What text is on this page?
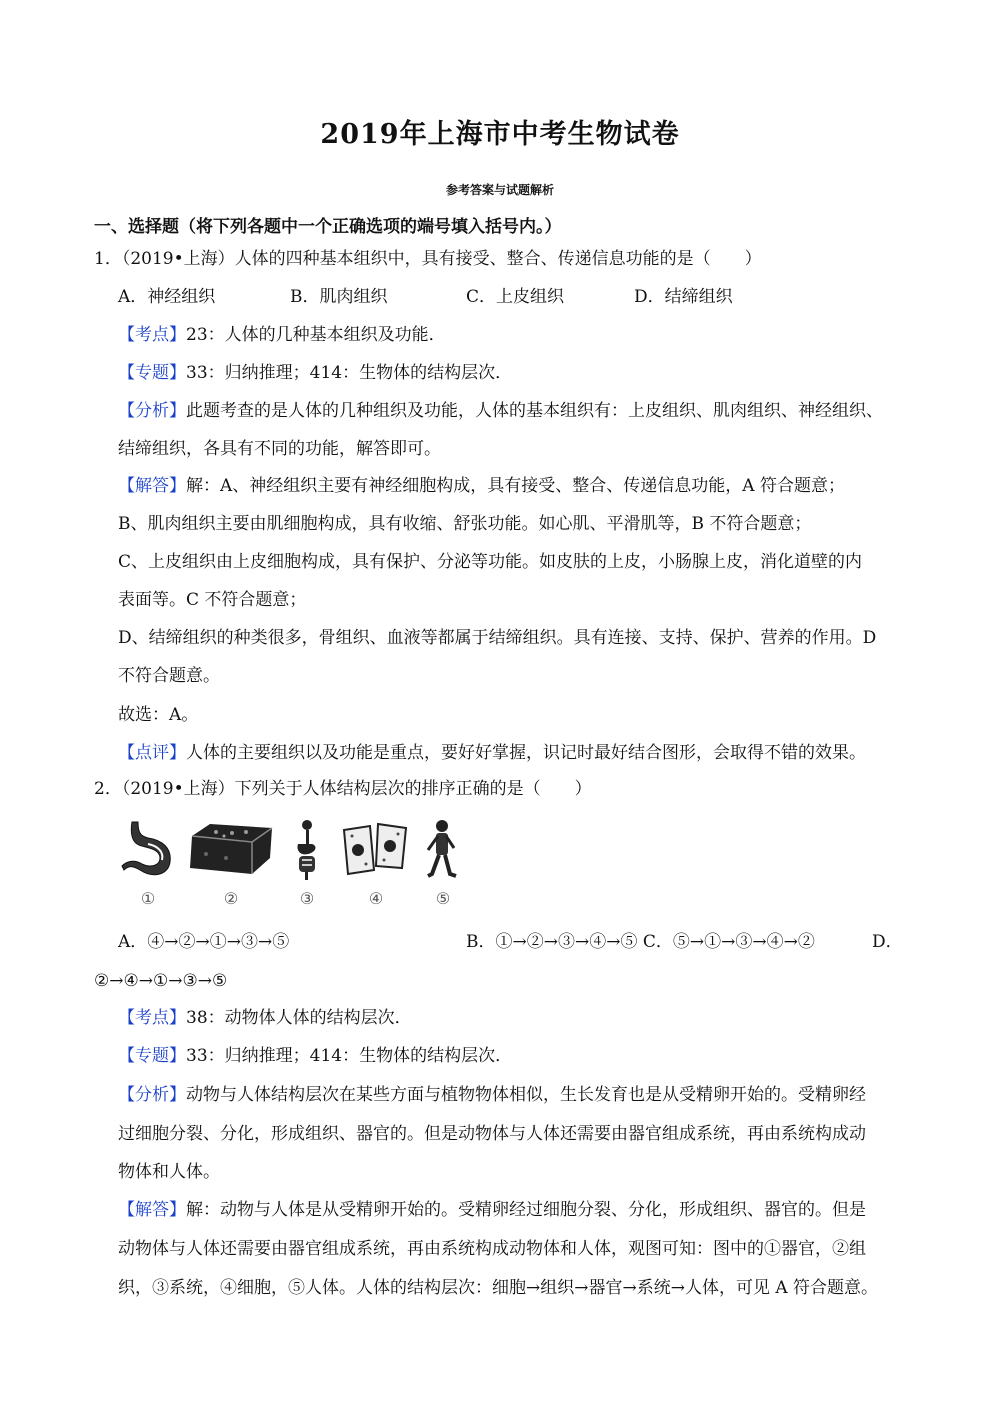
2019年上海市中考生物试卷
参考答案与试题解析
一、选择题（将下列各题中一个正确选项的端号填入括号内。）
1．（2019•上海）人体的四种基本组织中，具有接受、整合、传递信息功能的是（　　）
A．神经组织	B．肌肉组织	C．上皮组织	D．结缔组织
【考点】23：人体的几种基本组织及功能．
【专题】33：归纳推理；414：生物体的结构层次．
【分析】此题考查的是人体的几种组织及功能，人体的基本组织有：上皮组织、肌肉组织、神经组织、
结缔组织，各具有不同的功能，解答即可。
【解答】解：A、神经组织主要有神经细胞构成，具有接受、整合、传递信息功能，A 符合题意；
B、肌肉组织主要由肌细胞构成，具有收缩、舒张功能。如心肌、平滑肌等，B 不符合题意；
C、上皮组织由上皮细胞构成，具有保护、分泌等功能。如皮肤的上皮，小肠腺上皮，消化道壁的内
表面等。C 不符合题意；
D、结缔组织的种类很多，骨组织、血液等都属于结缔组织。具有连接、支持、保护、营养的作用。D
不符合题意。
故选：A。
【点评】人体的主要组织以及功能是重点，要好好掌握，识记时最好结合图形，会取得不错的效果。
2．（2019•上海）下列关于人体结构层次的排序正确的是（　　）
①	②	③	④	⑤
A．④→②→①→③→⑤	B．①→②→③→④→⑤ C．⑤→①→③→④→②	D．
②→④→①→③→⑤
【考点】38：动物体人体的结构层次．
【专题】33：归纳推理；414：生物体的结构层次．
【分析】动物与人体结构层次在某些方面与植物物体相似，生长发育也是从受精卵开始的。受精卵经
过细胞分裂、分化，形成组织、器官的。但是动物体与人体还需要由器官组成系统，再由系统构成动
物体和人体。
【解答】解：动物与人体是从受精卵开始的。受精卵经过细胞分裂、分化，形成组织、器官的。但是
动物体与人体还需要由器官组成系统，再由系统构成动物体和人体，观图可知：图中的①器官，②组
织，③系统，④细胞，⑤人体。人体的结构层次：细胞→组织→器官→系统→人体，可见 A 符合题意。
